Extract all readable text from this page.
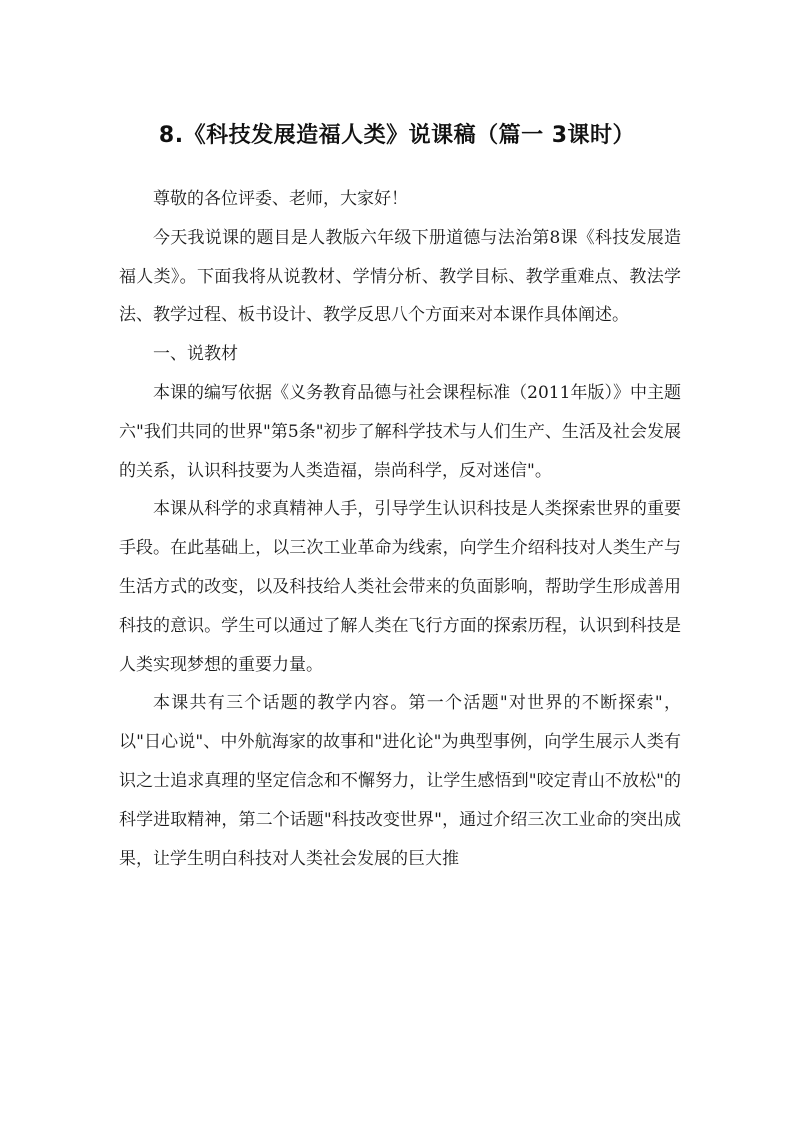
8.《科技发展造福人类》说课稿（篇一 3课时）

尊敬的各位评委、老师，大家好！

今天我说课的题目是人教版六年级下册道德与法治第8课《科技发展造福人类》。下面我将从说教材、学情分析、教学目标、教学重难点、教法学法、教学过程、板书设计、教学反思八个方面来对本课作具体阐述。

一、说教材

本课的编写依据《义务教育品德与社会课程标准（2011年版）》中主题六"我们共同的世界"第5条"初步了解科学技术与人们生产、生活及社会发展的关系，认识科技要为人类造福，崇尚科学，反对迷信"。

本课从科学的求真精神人手，引导学生认识科技是人类探索世界的重要手段。在此基础上，以三次工业革命为线索，向学生介绍科技对人类生产与生活方式的改变，以及科技给人类社会带来的负面影响，帮助学生形成善用科技的意识。学生可以通过了解人类在飞行方面的探索历程，认识到科技是人类实现梦想的重要力量。

本课共有三个话题的教学内容。第一个活题"对世界的不断探索"，以"日心说"、中外航海家的故事和"进化论"为典型事例，向学生展示人类有识之士追求真理的坚定信念和不懈努力，让学生感悟到"咬定青山不放松"的科学进取精神，第二个话题"科技改变世界"，通过介绍三次工业命的突出成果，让学生明白科技对人类社会发展的巨大推
